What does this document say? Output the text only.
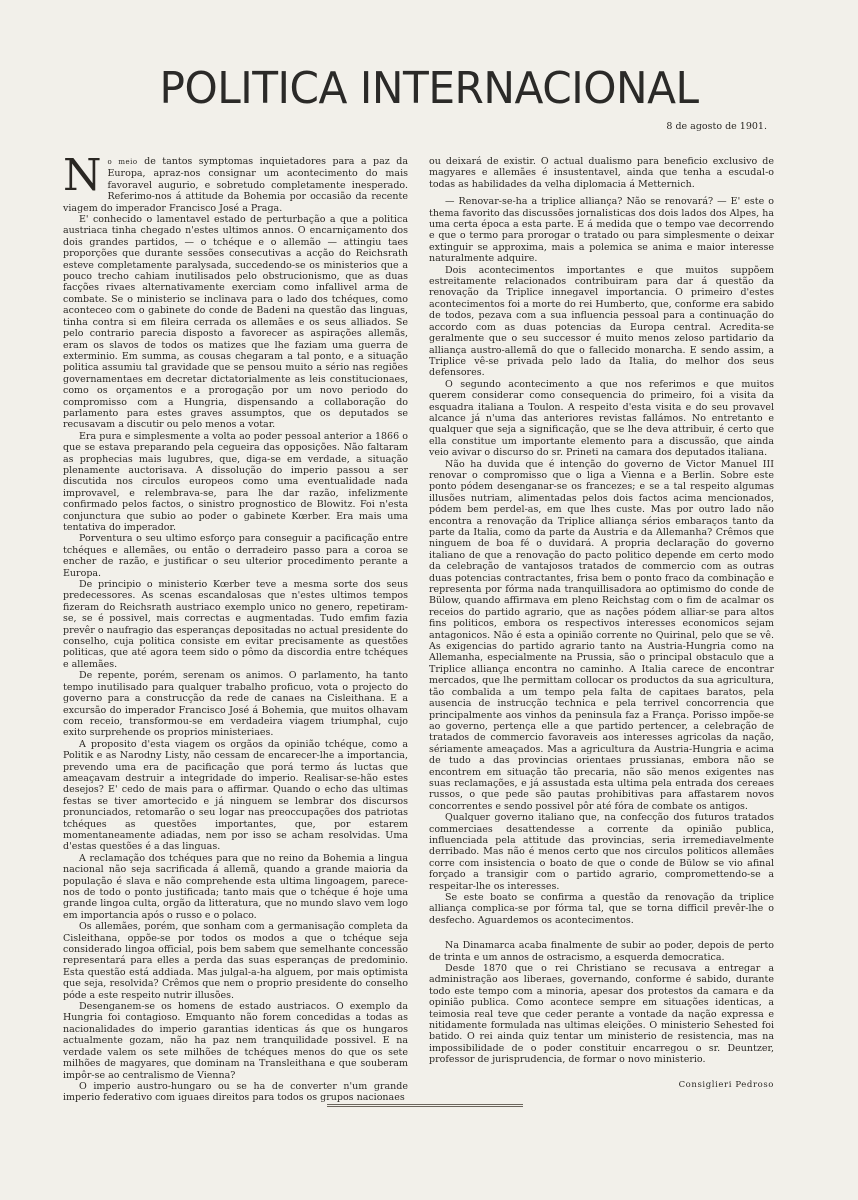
POLITICA INTERNACIONAL
8 de agosto de 1901.

No meio de tantos symptomas inquietadores para a paz da Europa, apraz-nos consignar um acontecimento do mais favoravel augurio, e sobretudo completamente inesperado. Referimo-nos á attitude da Bohemia por occasião da recente viagem do imperador Francisco José a Praga.

E' conhecido o lamentavel estado de perturbação a que a politica austriaca tinha chegado n'estes ultimos annos. O encarniçamento dos dois grandes partidos, — o tchéque e o allemão — attingiu taes proporções que durante sessões consecutivas a acção do Reichsrath esteve completamente paralysada, succedendo-se os ministerios que a pouco trecho cahiam inutilisados pelo obstrucionismo, que as duas facções rivaes alternativamente exerciam como infallivel arma de combate. Se o ministerio se inclinava para o lado dos tchéques, como aconteceo com o gabinete do conde de Badeni na questão das linguas, tinha contra si em fileira cerrada os allemães e os seus alliados. Se pelo contrario parecia disposto a favorecer as aspirações allemãs, eram os slavos de todos os matizes que lhe faziam uma guerra de exterminio. Em summa, as cousas chegaram a tal ponto, e a situação politica assumiu tal gravidade que se pensou muito a sério nas regiões governamentaes em decretar dictatorialmente as leis constitucionaes, como os orçamentos e a prorogação por um novo periodo do compromisso com a Hungria, dispensando a collaboração do parlamento para estes graves assumptos, que os deputados se recusavam a discutir ou pelo menos a votar.

Era pura e simplesmente a volta ao poder pessoal anterior a 1866 o que se estava preparando pela cegueira das opposições. Não faltaram as prophecias mais lugubres, que, diga-se em verdade, a situação plenamente auctorisava. A dissolução do imperio passou a ser discutida nos circulos europeos como uma eventualidade nada improvavel, e relembrava-se, para lhe dar razão, infelizmente confirmado pelos factos, o sinistro prognostico de Blowitz. Foi n'esta conjunctura que subio ao poder o gabinete Kœrber. Era mais uma tentativa do imperador.

Porventura o seu ultimo esforço para conseguir a pacificação entre tchéques e allemães, ou então o derradeiro passo para a coroa se encher de razão, e justificar o seu ulterior procedimento perante a Europa.

De principio o ministerio Kœrber teve a mesma sorte dos seus predecessores. As scenas escandalosas que n'estes ultimos tempos fizeram do Reichsrath austriaco exemplo unico no genero, repetiram-se, se é possivel, mais correctas e augmentadas. Tudo emfim fazia prevêr o naufragio das esperanças depositadas no actual presidente do conselho, cuja politica consiste em evitar precisamente as questões politicas, que até agora teem sido o pômo da discordia entre tchéques e allemães.

De repente, porém, serenam os animos. O parlamento, ha tanto tempo inutilisado para qualquer trabalho proficuo, vota o projecto do governo para a construcção da rede de canaes na Cisleithana. E a excursão do imperador Francisco José á Bohemia, que muitos olhavam com receio, transformou-se em verdadeira viagem triumphal, cujo exito surprehende os proprios ministeriaes.

A proposito d'esta viagem os orgãos da opinião tchéque, como a Politik e as Narodny Listy, não cessam de encarecer-lhe a importancia, prevendo uma era de pacificação que porá termo ás luctas que ameaçavam destruir a integridade do imperio. Realisar-se-hão estes desejos? E' cedo de mais para o affirmar. Quando o echo das ultimas festas se tiver amortecido e já ninguem se lembrar dos discursos pronunciados, retomarão o seu logar nas preoccupações dos patriotas tchéques as questões importantes, que, por estarem momentaneamente adiadas, nem por isso se acham resolvidas. Uma d'estas questões é a das linguas.

A reclamação dos tchéques para que no reino da Bohemia a lingua nacional não seja sacrificada á allemã, quando a grande maioria da população é slava e não comprehende esta ultima lingoagem, parece-nos de todo o ponto justificada; tanto mais que o tchéque é hoje uma grande lingoa culta, orgão da litteratura, que no mundo slavo vem logo em importancia após o russo e o polaco.

Os allemães, porém, que sonham com a germanisação completa da Cisleithana, oppõe-se por todos os modos a que o tchéque seja considerado lingoa official, pois bem sabem que semelhante concessão representará para elles a perda das suas esperanças de predominio. Esta questão está addiada. Mas julgal-a-ha alguem, por mais optimista que seja, resolvida? Crêmos que nem o proprio presidente do conselho póde a este respeito nutrir illusões.

Desenganem-se os homens de estado austriacos. O exemplo da Hungria foi contagioso. Emquanto não forem concedidas a todas as nacionalidades do imperio garantias identicas ás que os hungaros actualmente gozam, não ha paz nem tranquilidade possivel. E na verdade valem os sete milhões de tchéques menos do que os sete milhões de magyares, que dominam na Transleithana e que souberam impôr-se ao centralismo de Vienna?

O imperio austro-hungaro ou se ha de converter n'um grande imperio federativo com iguaes direitos para todos os grupos nacionaes

ou deixará de existir. O actual dualismo para beneficio exclusivo de magyares e allemães é insustentavel, ainda que tenha a escudal-o todas as habilidades da velha diplomacia á Metternich.

— Renovar-se-ha a triplice alliança? Não se renovará? — E' este o thema favorito das discussões jornalisticas dos dois lados dos Alpes, ha uma certa época a esta parte. E á medida que o tempo vae decorrendo e que o termo para prorogar o tratado ou para simplesmente o deixar extinguir se approxima, mais a polemica se anima e maior interesse naturalmente adquire.

Dois acontecimentos importantes e que muitos suppõem estreitamente relacionados contribuiram para dar á questão da renovação da Triplice innegavel importancia. O primeiro d'estes acontecimentos foi a morte do rei Humberto, que, conforme era sabido de todos, pezava com a sua influencia pessoal para a continuação do accordo com as duas potencias da Europa central. Acredita-se geralmente que o seu successor é muito menos zeloso partidario da alliança austro-allemã do que o fallecido monarcha. E sendo assim, a Triplice vê-se privada pelo lado da Italia, do melhor dos seus defensores.

O segundo acontecimento a que nos referimos e que muitos querem considerar como consequencia do primeiro, foi a visita da esquadra italiana a Toulon. A respeito d'esta visita e do seu provavel alcance já n'uma das anteriores revistas fallámos. No entretanto e qualquer que seja a significação, que se lhe deva attribuir, é certo que ella constitue um importante elemento para a discussão, que ainda veio avivar o discurso do sr. Prineti na camara dos deputados italiana.

Não ha duvida que é intenção do governo de Victor Manuel III renovar o compromisso que o liga a Vienna e a Berlin. Sobre este ponto pódem desenganar-se os francezes; e se a tal respeito algumas illusões nutriam, alimentadas pelos dois factos acima mencionados, pódem bem perdel-as, em que lhes custe. Mas por outro lado não encontra a renovação da Triplice alliança sérios embaraços tanto da parte da Italia, como da parte da Austria e da Allemanha? Crêmos que ninguem de boa fé o duvidará. A propria declaração do governo italiano de que a renovação do pacto politico depende em certo modo da celebração de vantajosos tratados de commercio com as outras duas potencias contractantes, frisa bem o ponto fraco da combinação e representa por fórma nada tranquillisadora ao optimismo do conde de Bülow, quando affirmava em pleno Reichstag com o fim de acalmar os receios do partido agrario, que as nações pódem alliar-se para altos fins politicos, embora os respectivos interesses economicos sejam antagonicos. Não é esta a opinião corrente no Quirinal, pelo que se vê. As exigencias do partido agrario tanto na Austria-Hungria como na Allemanha, especialmente na Prussia, são o principal obstaculo que a Triplice alliança encontra no caminho. A Italia carece de encontrar mercados, que lhe permittam collocar os productos da sua agricultura, tão combalida a um tempo pela falta de capitaes baratos, pela ausencia de instrucção technica e pela terrivel concorrencia que principalmente aos vinhos da peninsula faz a França. Porisso impõe-se ao governo, pertença elle a que partido pertencer, a celebração de tratados de commercio favoraveis aos interesses agricolas da nação, sériamente ameaçados. Mas a agricultura da Austria-Hungria e acima de tudo a das provincias orientaes prussianas, embora não se encontrem em situação tão precaria, não são menos exigentes nas suas reclamações, e já assustada esta ultima pela entrada dos cereaes russos, o que pede são pautas prohibitivas para affastarem novos concorrentes e sendo possivel pôr até fóra de combate os antigos.

Qualquer governo italiano que, na confecção dos futuros tratados commerciaes desattendesse a corrente da opinião publica, influenciada pela attitude das provincias, seria irremediavelmente derribado. Mas não é menos certo que nos circulos politicos allemães corre com insistencia o boato de que o conde de Bülow se vio afinal forçado a transigir com o partido agrario, compromettendo-se a respeitar-lhe os interesses.

Se este boato se confirma a questão da renovação da triplice alliança complica-se por fórma tal, que se torna difficil prevêr-lhe o desfecho. Aguardemos os acontecimentos.

Na Dinamarca acaba finalmente de subir ao poder, depois de perto de trinta e um annos de ostracismo, a esquerda democratica.

Desde 1870 que o rei Christiano se recusava a entregar a administração aos liberaes, governando, conforme é sabido, durante todo este tempo com a minoria, apesar dos protestos da camara e da opinião publica. Como acontece sempre em situações identicas, a teimosia real teve que ceder perante a vontade da nação expressa e nitidamente formulada nas ultimas eleições. O ministerio Sehested foi batido. O rei ainda quiz tentar um ministerio de resistencia, mas na impossibilidade de o poder constituir encarregou o sr. Deuntzer, professor de jurisprudencia, de formar o novo ministerio.

Consiglieri Pedroso
